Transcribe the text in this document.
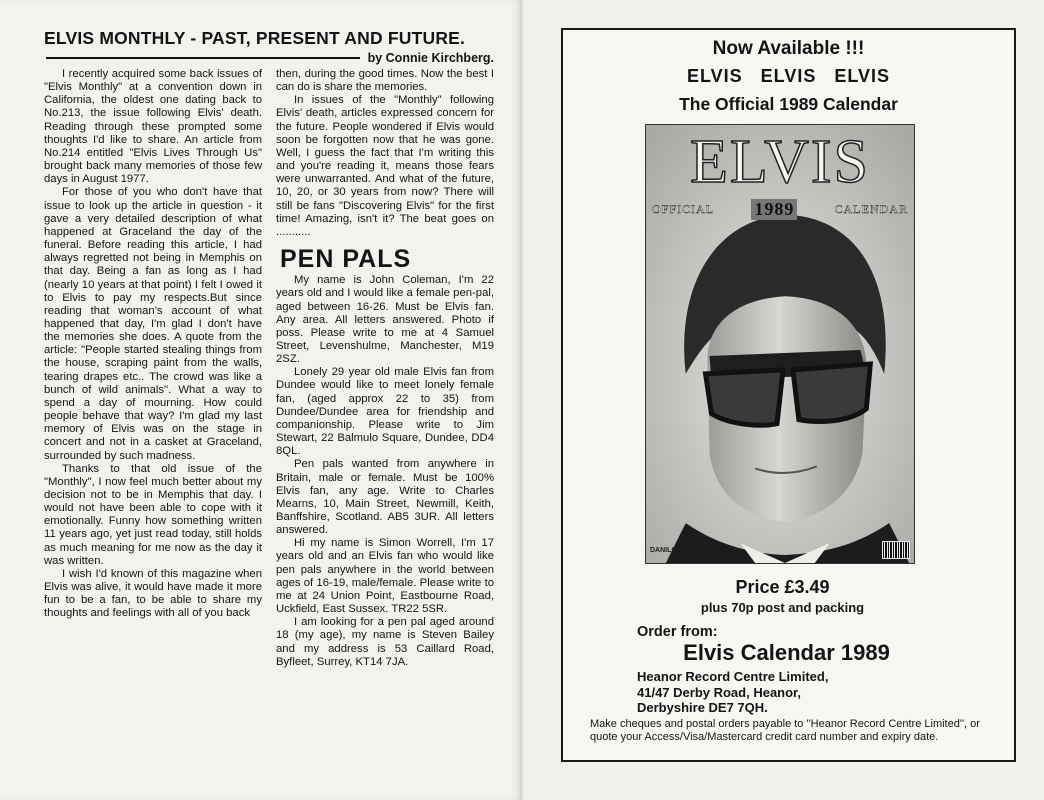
ELVIS MONTHLY - PAST, PRESENT AND FUTURE.
by Connie Kirchberg.

I recently acquired some back issues of "Elvis Monthly" at a convention down in California, the oldest one dating back to No.213, the issue following Elvis' death. Reading through these prompted some thoughts I'd like to share. An article from No.214 entitled "Elvis Lives Through Us" brought back many memories of those few days in August 1977.

For those of you who don't have that issue to look up the article in question - it gave a very detailed description of what happened at Graceland the day of the funeral. Before reading this article, I had always regretted not being in Memphis on that day. Being a fan as long as I had (nearly 10 years at that point) I felt I owed it to Elvis to pay my respects.But since reading that woman's account of what happened that day, I'm glad I don't have the memories she does. A quote from the article: "People started stealing things from the house, scraping paint from the walls, tearing drapes etc.. The crowd was like a bunch of wild animals". What a way to spend a day of mourning. How could people behave that way? I'm glad my last memory of Elvis was on the stage in concert and not in a casket at Graceland, surrounded by such madness.

Thanks to that old issue of the "Monthly", I now feel much better about my decision not to be in Memphis that day. I would not have been able to cope with it emotionally. Funny how something written 11 years ago, yet just read today, still holds as much meaning for me now as the day it was written.

I wish I'd known of this magazine when Elvis was alive, it would have made it more fun to be a fan, to be able to share my thoughts and feelings with all of you back

then, during the good times. Now the best I can do is share the memories.

In issues of the "Monthly" following Elvis' death, articles expressed concern for the future. People wondered if Elvis would soon be forgotten now that he was gone. Well, I guess the fact that I'm writing this and you're reading it, means those fears were unwarranted. And what of the future, 10, 20, or 30 years from now? There will still be fans "Discovering Elvis" for the first time! Amazing, isn't it? The beat goes on ...........

PEN PALS

My name is John Coleman, I'm 22 years old and I would like a female pen-pal, aged between 16-26. Must be Elvis fan. Any area. All letters answered. Photo if poss. Please write to me at 4 Samuel Street, Levenshulme, Manchester, M19 2SZ.

Lonely 29 year old male Elvis fan from Dundee would like to meet lonely female fan, (aged approx 22 to 35) from Dundee/Dundee area for friendship and companionship. Please write to Jim Stewart, 22 Balmulo Square, Dundee, DD4 8QL.

Pen pals wanted from anywhere in Britain, male or female. Must be 100% Elvis fan, any age. Write to Charles Mearns, 10, Main Street, Newmill, Keith, Banffshire, Scotland. AB5 3UR. All letters answered.

Hi my name is Simon Worrell, I'm 17 years old and an Elvis fan who would like pen pals anywhere in the world between ages of 16-19, male/female. Please write to me at 24 Union Point, Eastbourne Road, Uckfield, East Sussex. TR22 5SR.

I am looking for a pen pal aged around 18 (my age), my name is Steven Bailey and my address is 53 Caillard Road, Byfleet, Surrey, KT14 7JA.

Now Available !!!
ELVIS ELVIS ELVIS
The Official 1989 Calendar
ELVIS
OFFICIAL 1989	CALENDAR
DANILO
Price £3.49
plus 70p post and packing
Order from:
Elvis Calendar 1989
Heanor Record Centre Limited,
41/47 Derby Road, Heanor,
Derbyshire DE7 7QH.
Make cheques and postal orders payable to ''Heanor Record Centre Limited'', or quote your Access/Visa/Mastercard credit card number and expiry date.
